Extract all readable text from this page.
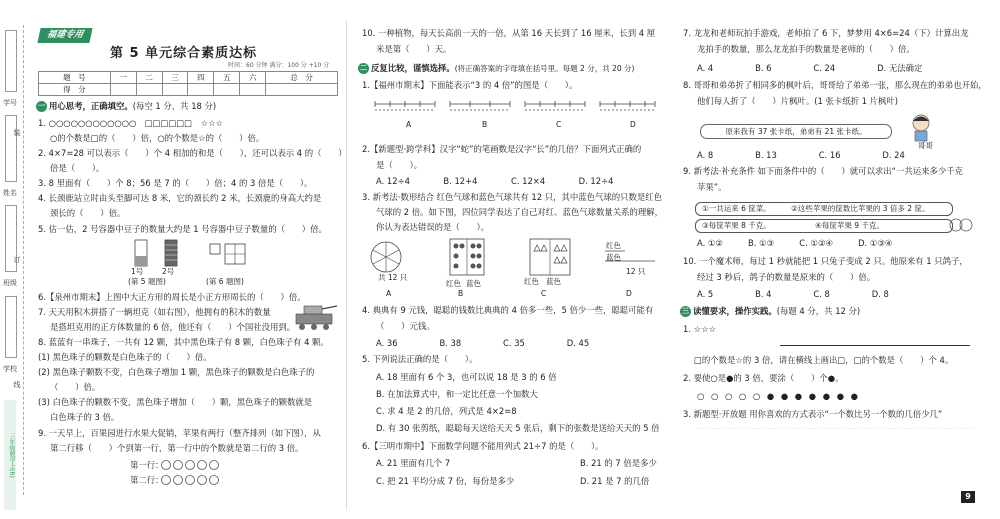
学号
姓名
班级
学校
装
订
线
三年级数学上(R)
福建专用
第 5 单元综合素质达标
时间：60 分钟 满分：100 分 +10 分
题　号	一	二	三	四	五	六	总　分
得　分							
一 用心思考，正确填空。(每空 1 分，共 18 分)
1. ○○○○○○○○○○○○　□□□□□□　☆☆☆
○的个数是□的（　　）倍，○的个数是☆的（　　）倍。
2. 4×7=28 可以表示（　　）个 4 相加的和是（　　），还可以表示 4 的（　　）
倍是（　　）。
3. 8 里面有（　　）个 8；56 是 7 的（　　）倍；4 的 3 倍是（　　）。
4. 长颈鹿站立时由头至脚可达 8 米，它的颈长约 2 米，长颈鹿的身高大约是
颈长的（　　）倍。
5. 估一估，2 号容器中豆子的数量大约是 1 号容器中豆子数量的（　　）倍。
1号 2号
(第 5 题图)	(第 6 题图)
6.【泉州市期末】上图中大正方形的周长是小正方形周长的（　　）倍。
7. 天天用积木拼搭了一辆坦克（如右图），他拥有的积木的数量
是搭坦克用的正方体数量的 6 倍，他还有（　　）个国社没用到。
8. 蓝蓝有一串珠子，一共有 12 颗，其中黑色珠子有 8 颗，白色珠子有 4 颗。
(1) 黑色珠子的颗数是白色珠子的（　　）倍。
(2) 黑色珠子颗数不变，白色珠子增加 1 颗，黑色珠子的颗数是白色珠子的
（　　）倍。
(3) 白色珠子的颗数不变，黑色珠子增加（　　）颗，黑色珠子的颗数就是
白色珠子的 3 倍。
9. 一天早上，百果园进行水果大促销，苹果有两行（整齐排列（如下图），从
第二行移（　　）个到第一行，第一行中的个数就是第二行的 3 倍。
第一行：
第二行：
10. 一种植物，每天长高前一天的一倍，从第 16 天长到了 16 厘米，长到 4 厘
米是第（　　）天。
二 反复比较，谨慎选择。(将正确答案的字母填在括号里。每题 2 分，共 20 分)
1.【福州市期末】下面能表示“3 的 4 倍”的图是（　　）。
A	B	C	D
2.【新题型·跨学科】汉字“蛇”的笔画数是汉字“长”的几倍？下面列式正确的
是（　　）。
A. 12÷4　　　　B. 12+4　　　　C. 12×4　　　　D. 12÷4
3. 新考法·数形结合 红色气球和蓝色气球共有 12 只，其中蓝色气球的只数是红色
气球的 2 倍。如下图，四位同学表达了自己对红、蓝色气球数量关系的理解，
你认为表达错误的是（　　）。
共 12 只
红色 蓝色	红色 蓝色
红色
蓝色
12 只
A	B	C	D
4. 典典有 9 元钱，聪聪的钱数比典典的 4 倍多一些，5 倍少一些，聪聪可能有
（　　）元钱。
A. 36　　　　　B. 38　　　　　C. 35　　　　　D. 45
5. 下列说法正确的是（　　）。
A. 18 里面有 6 个 3，也可以说 18 是 3 的 6 倍
B. 在加法算式中，和一定比任意一个加数大
C. 求 4 是 2 的几倍，列式是 4×2=8
D. 有 30 张剪纸，聪聪每天送给天天 5 张后，剩下的张数是送给天天的 5 倍
6.【三明市期中】下面数学问题不能用列式 21÷7 的是（　　）。
A. 21 里面有几个 7	B. 21 的 7 倍是多少
C. 把 21 平均分成 7 份，每份是多少	D. 21 是 7 的几倍
7. 龙龙和老师玩拍手游戏，老师拍了 6 下，梦梦用 4×6=24（下）计算出龙
龙拍手的数量，那么龙龙拍手的数量是老师的（　　）倍。
A. 4　　　　　B. 6　　　　　C. 24　　　　　D. 无法确定
8. 哥哥和弟弟折了相同多的枫叶后，哥哥给了弟弟一张，那么现在的弟弟也开始，
他们每人折了（　　）片枫叶。(1 张卡纸折 1 片枫叶)
原来我有 37 张卡纸，弟弟有 21 张卡纸。
哥哥
A. 8　　　　　B. 13　　　　　C. 16　　　　　D. 24
9. 新考法·补充条件 如下面条件中的（　　）就可以求出“一共运来多少千克
苹果”。
①一共运来 6 筐菜。	②这些苹果的筐数比苹果的 3 倍多 2 筐。
③每筐苹果 8 千克。	④每筐苹果 9 千克。
A. ①②　　　B. ①③　　　C. ①②④　　　D. ①③④
10. 一个魔术师，每过 1 秒就能把 1 只兔子变成 2 只。他原来有 1 只鸽子，
经过 3 秒后，鸽子的数量是原来的（　　）倍。
A. 5　　　　　B. 4　　　　　C. 8　　　　　D. 8
三 读懂要求，操作实践。(每题 4 分，共 12 分)
1. ☆☆☆
□的个数是☆的 3 倍，请在横线上画出□，□的个数是（　　）个 4。
2. 要使○是●的 3 倍，要涂（　　）个●。
○ ○ ○ ○ ○ ● ● ● ● ● ● ●
3. 新题型·开放题 用你喜欢的方式表示“一个数比另一个数的几倍少几”
9
